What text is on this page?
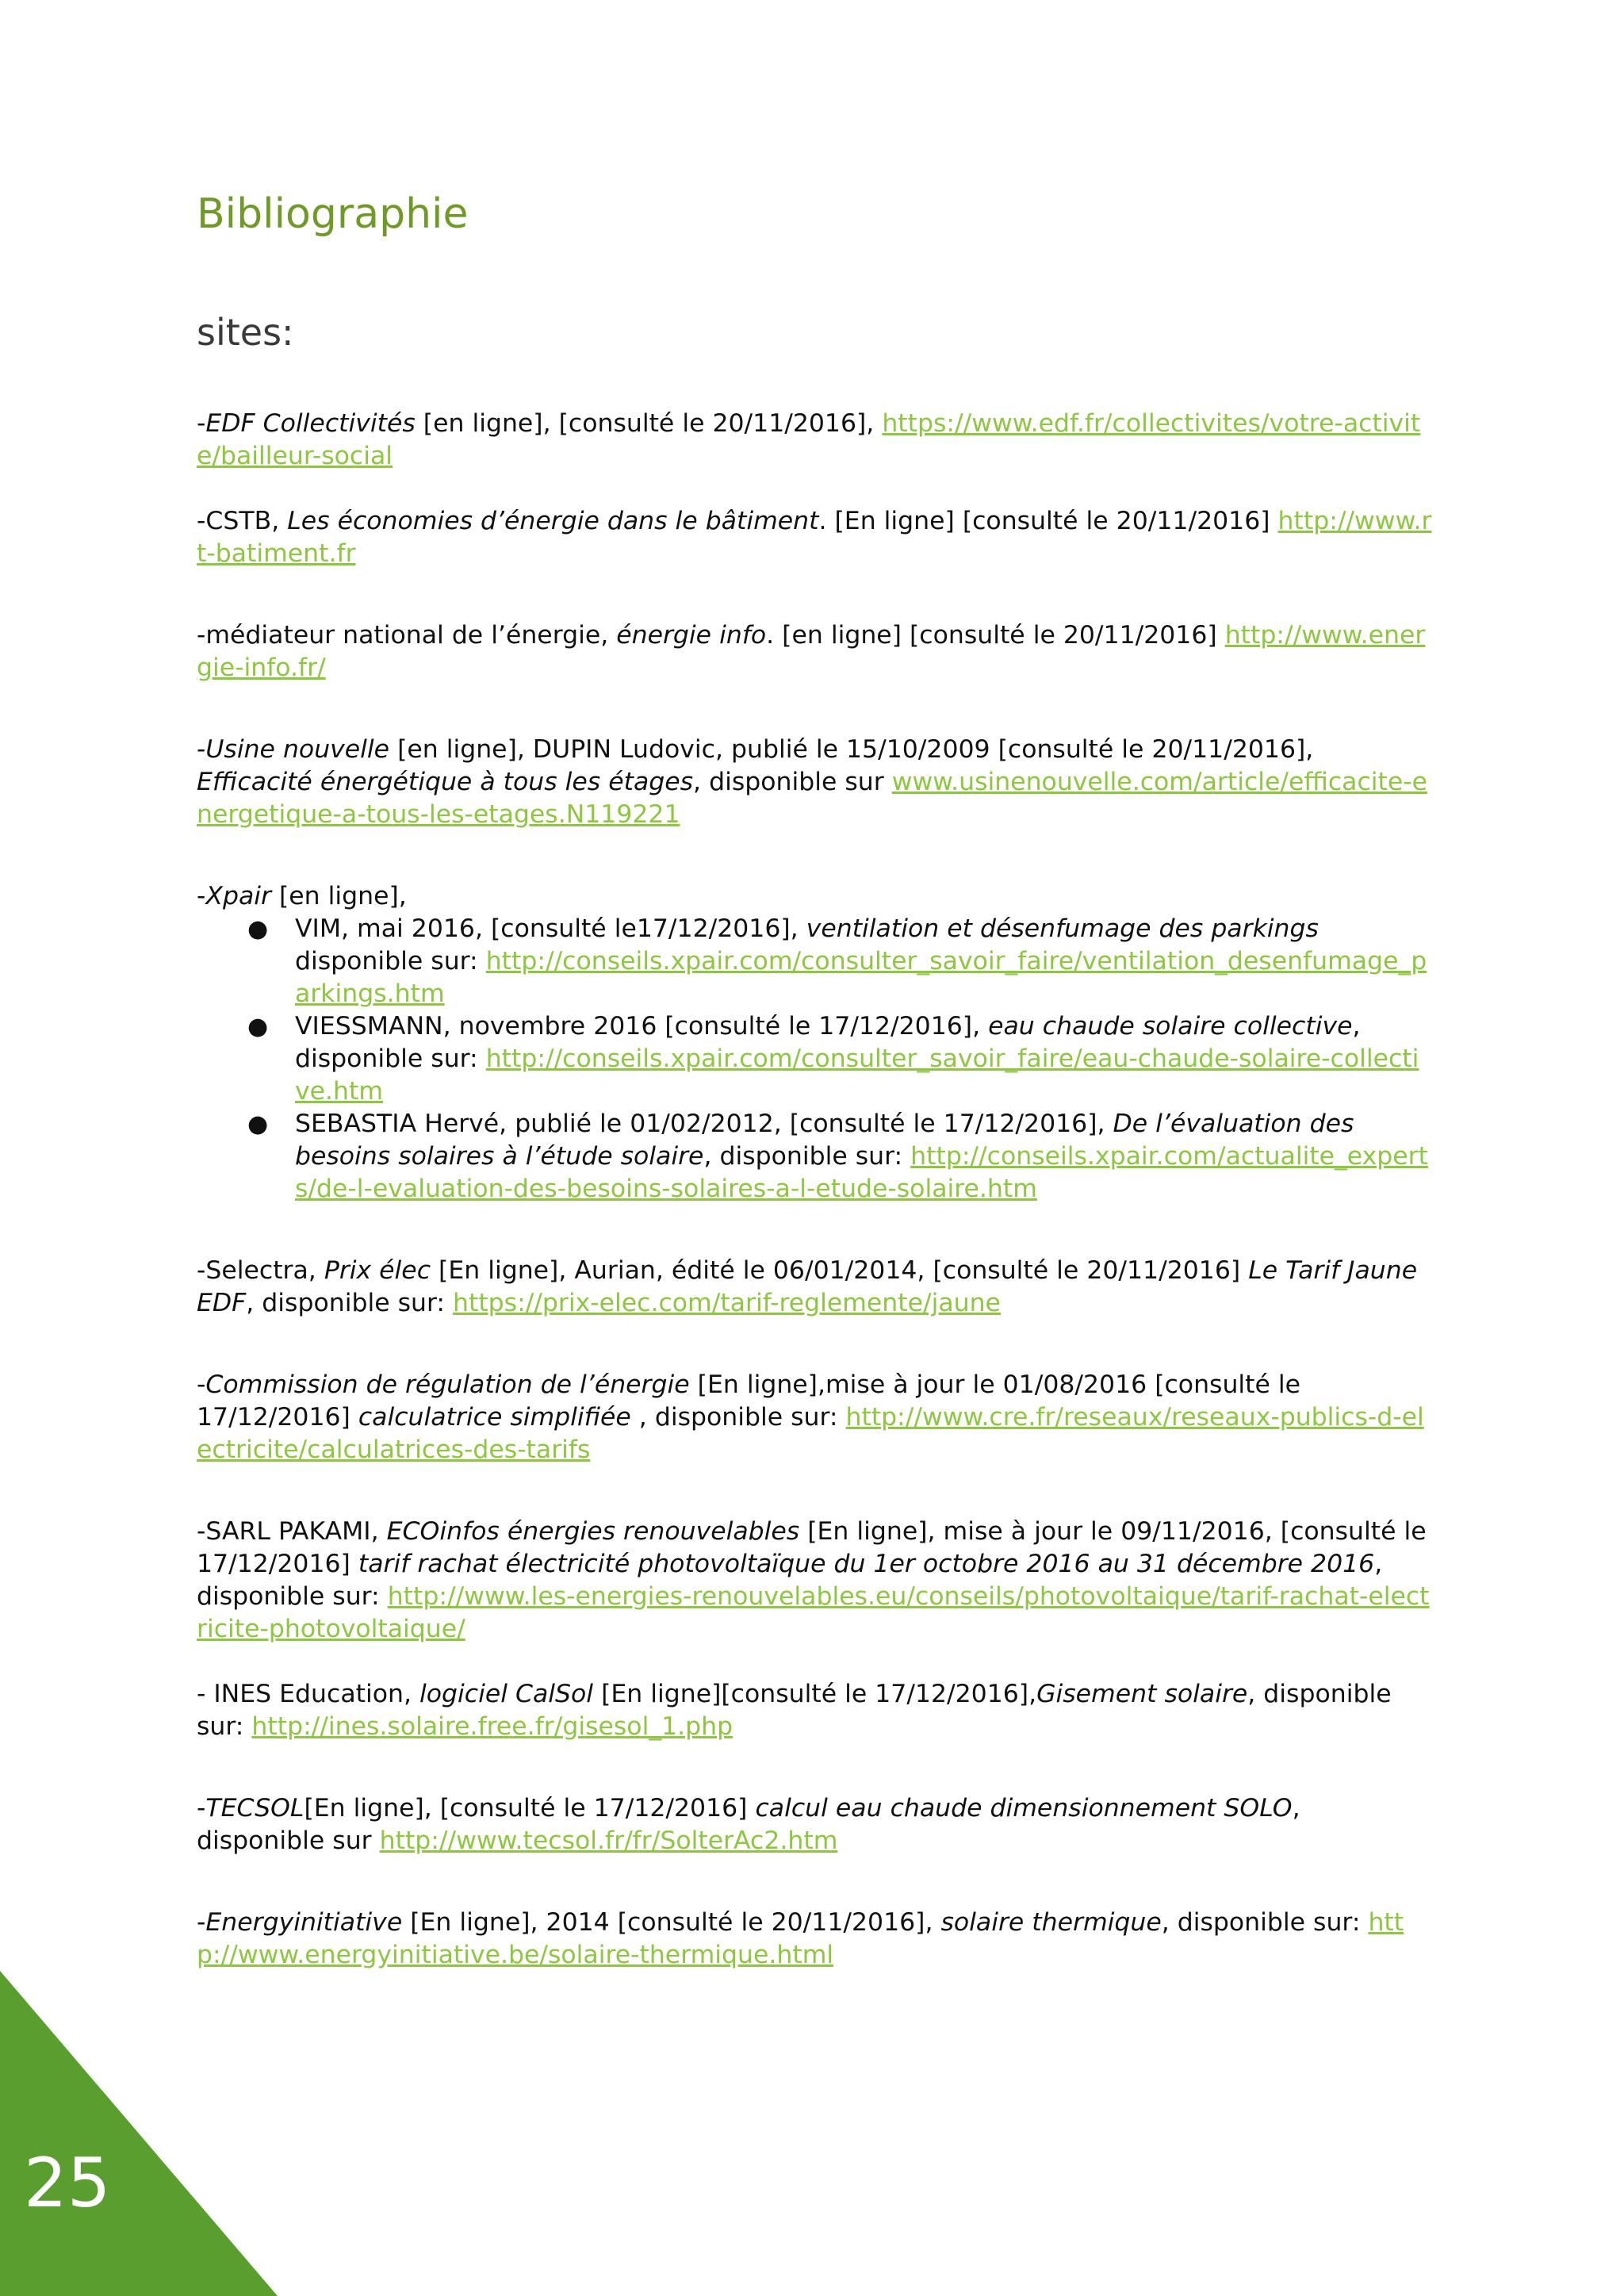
Bibliographie
sites:

-EDF Collectivités [en ligne], [consulté le 20/11/2016], https://www.edf.fr/collectivites/votre-activite/bailleur-social

-CSTB, Les économies d’énergie dans le bâtiment. [En ligne] [consulté le 20/11/2016] http://www.rt-batiment.fr

-médiateur national de l’énergie, énergie info. [en ligne] [consulté le 20/11/2016] http://www.energie-info.fr/

-Usine nouvelle [en ligne], DUPIN Ludovic, publié le 15/10/2009 [consulté le 20/11/2016], Efficacité énergétique à tous les étages, disponible sur www.usinenouvelle.com/article/efficacite-energetique-a-tous-les-etages.N119221

-Xpair [en ligne],

● VIM, mai 2016, [consulté le17/12/2016], ventilation et désenfumage des parkings disponible sur: http://conseils.xpair.com/consulter_savoir_faire/ventilation_desenfumage_parkings.htm
● VIESSMANN, novembre 2016 [consulté le 17/12/2016], eau chaude solaire collective, disponible sur: http://conseils.xpair.com/consulter_savoir_faire/eau-chaude-solaire-collective.htm
● SEBASTIA Hervé, publié le 01/02/2012, [consulté le 17/12/2016], De l’évaluation des besoins solaires à l’étude solaire, disponible sur: http://conseils.xpair.com/actualite_experts/de-l-evaluation-des-besoins-solaires-a-l-etude-solaire.htm

-Selectra, Prix élec [En ligne], Aurian, édité le 06/01/2014, [consulté le 20/11/2016] Le Tarif Jaune EDF, disponible sur: https://prix-elec.com/tarif-reglemente/jaune

-Commission de régulation de l’énergie [En ligne],mise à jour le 01/08/2016 [consulté le 17/12/2016] calculatrice simplifiée , disponible sur: http://www.cre.fr/reseaux/reseaux-publics-d-electricite/calculatrices-des-tarifs

-SARL PAKAMI, ECOinfos énergies renouvelables [En ligne], mise à jour le 09/11/2016, [consulté le 17/12/2016] tarif rachat électricité photovoltaïque du 1er octobre 2016 au 31 décembre 2016, disponible sur: http://www.les-energies-renouvelables.eu/conseils/photovoltaique/tarif-rachat-electricite-photovoltaique/

- INES Education, logiciel CalSol [En ligne][consulté le 17/12/2016],Gisement solaire, disponible sur: http://ines.solaire.free.fr/gisesol_1.php

-TECSOL[En ligne], [consulté le 17/12/2016] calcul eau chaude dimensionnement SOLO, disponible sur http://www.tecsol.fr/fr/SolterAc2.htm

-Energyinitiative [En ligne], 2014 [consulté le 20/11/2016], solaire thermique, disponible sur: http://www.energyinitiative.be/solaire-thermique.html

25
